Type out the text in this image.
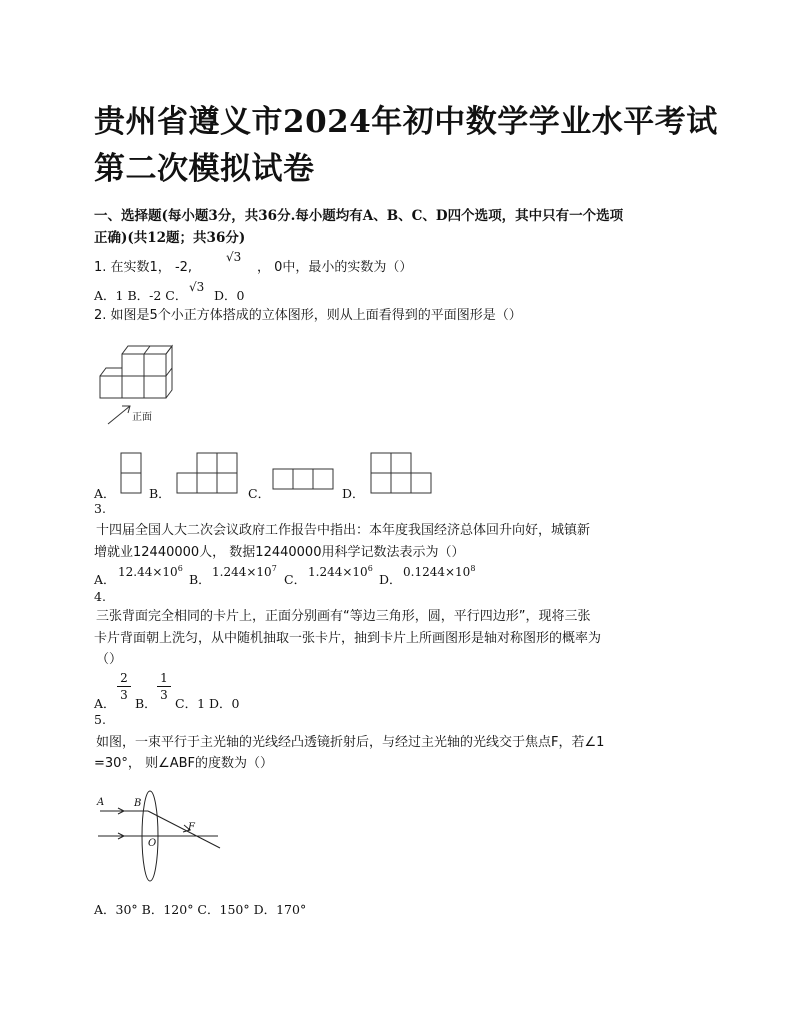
贵州省遵义市2024年初中数学学业水平考试
第二次模拟试卷
一、选择题(每小题3分，共36分.每小题均有A、B、C、D四个选项，其中只有一个选项
正确)(共12题；共36分)
1. 在实数1， -2,
√3
， 0中，最小的实数为（）
A．1 B．-2 C．
√3
D．0
2. 如图是5个小正方体搭成的立体图形，则从上面看得到的平面图形是（）
正面
A．	B．	C．	D．
3.
十四届全国人大二次会议政府工作报告中指出：本年度我国经济总体回升向好，城镇新
增就业12440000人， 数据12440000用科学记数法表示为（）
A． $12.44\times 10^6$
B． $1.244\times 10^7$
C． $1.244\times 10^6$
D． $0.1244\times 10^8$
4.
三张背面完全相同的卡片上，正面分别画有“等边三角形，圆，平行四边形”，现将三张
卡片背面朝上洗匀，从中随机抽取一张卡片，抽到卡片上所画图形是轴对称图形的概率为
（）
A．
2
3
B．
1
3
C．1 D．0
5.
如图，一束平行于主光轴的光线经凸透镜折射后，与经过主光轴的光线交于焦点F，若∠1
=30°， 则∠ABF的度数为（）
A	B
F
O
A．30° B．120° C．150° D．170°
